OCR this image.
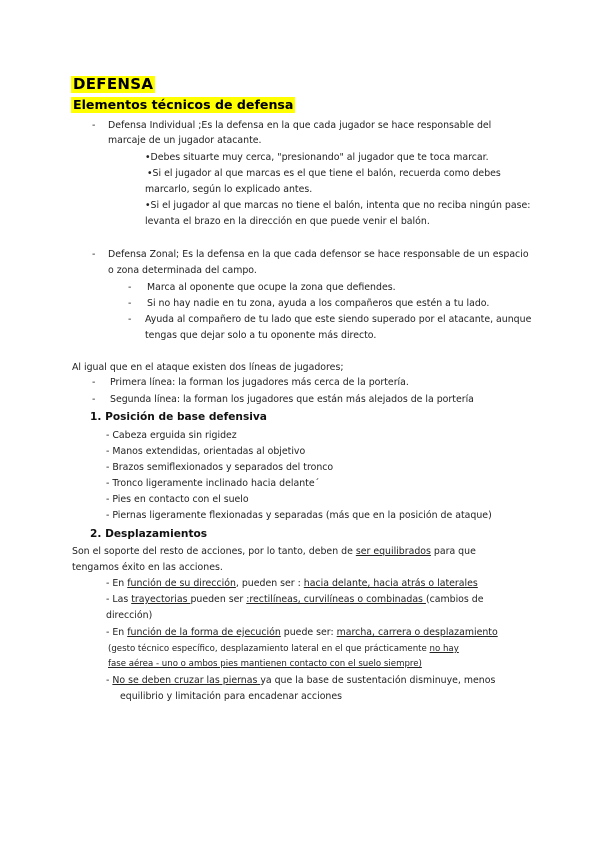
DEFENSA
Elementos técnicos de defensa
- Defensa Individual ;Es la defensa en la que cada jugador se hace responsable del
marcaje de un jugador atacante.
•Debes situarte muy cerca, "presionando" al jugador que te toca marcar.
•Si el jugador al que marcas es el que tiene el balón, recuerda como debes
marcarlo, según lo explicado antes.
•Si el jugador al que marcas no tiene el balón, intenta que no reciba ningún pase:
levanta el brazo en la dirección en que puede venir el balón.
- Defensa Zonal; Es la defensa en la que cada defensor se hace responsable de un espacio
o zona determinada del campo.
- Marca al oponente que ocupe la zona que defiendes.
- Si no hay nadie en tu zona, ayuda a los compañeros que estén a tu lado.
- Ayuda al compañero de tu lado que este siendo superado por el atacante, aunque
tengas que dejar solo a tu oponente más directo.
Al igual que en el ataque existen dos líneas de jugadores;
- Primera línea: la forman los jugadores más cerca de la portería.
- Segunda línea: la forman los jugadores que están más alejados de la portería
1. Posición de base defensiva
- Cabeza erguida sin rigidez
- Manos extendidas, orientadas al objetivo
- Brazos semiflexionados y separados del tronco
- Tronco ligeramente inclinado hacia delante´
- Pies en contacto con el suelo
- Piernas ligeramente flexionadas y separadas (más que en la posición de ataque)
2. Desplazamientos
Son el soporte del resto de acciones, por lo tanto, deben de ser equilibrados para que
tengamos éxito en las acciones.
- En función de su dirección, pueden ser : hacia delante, hacia atrás o laterales
- Las trayectorias pueden ser :rectilíneas, curvilíneas o combinadas (cambios de
dirección)
- En función de la forma de ejecución puede ser: marcha, carrera o desplazamiento
(gesto técnico específico, desplazamiento lateral en el que prácticamente no hay
fase aérea - uno o ambos pies mantienen contacto con el suelo siempre)
- No se deben cruzar las piernas ya que la base de sustentación disminuye, menos
equilibrio y limitación para encadenar acciones
